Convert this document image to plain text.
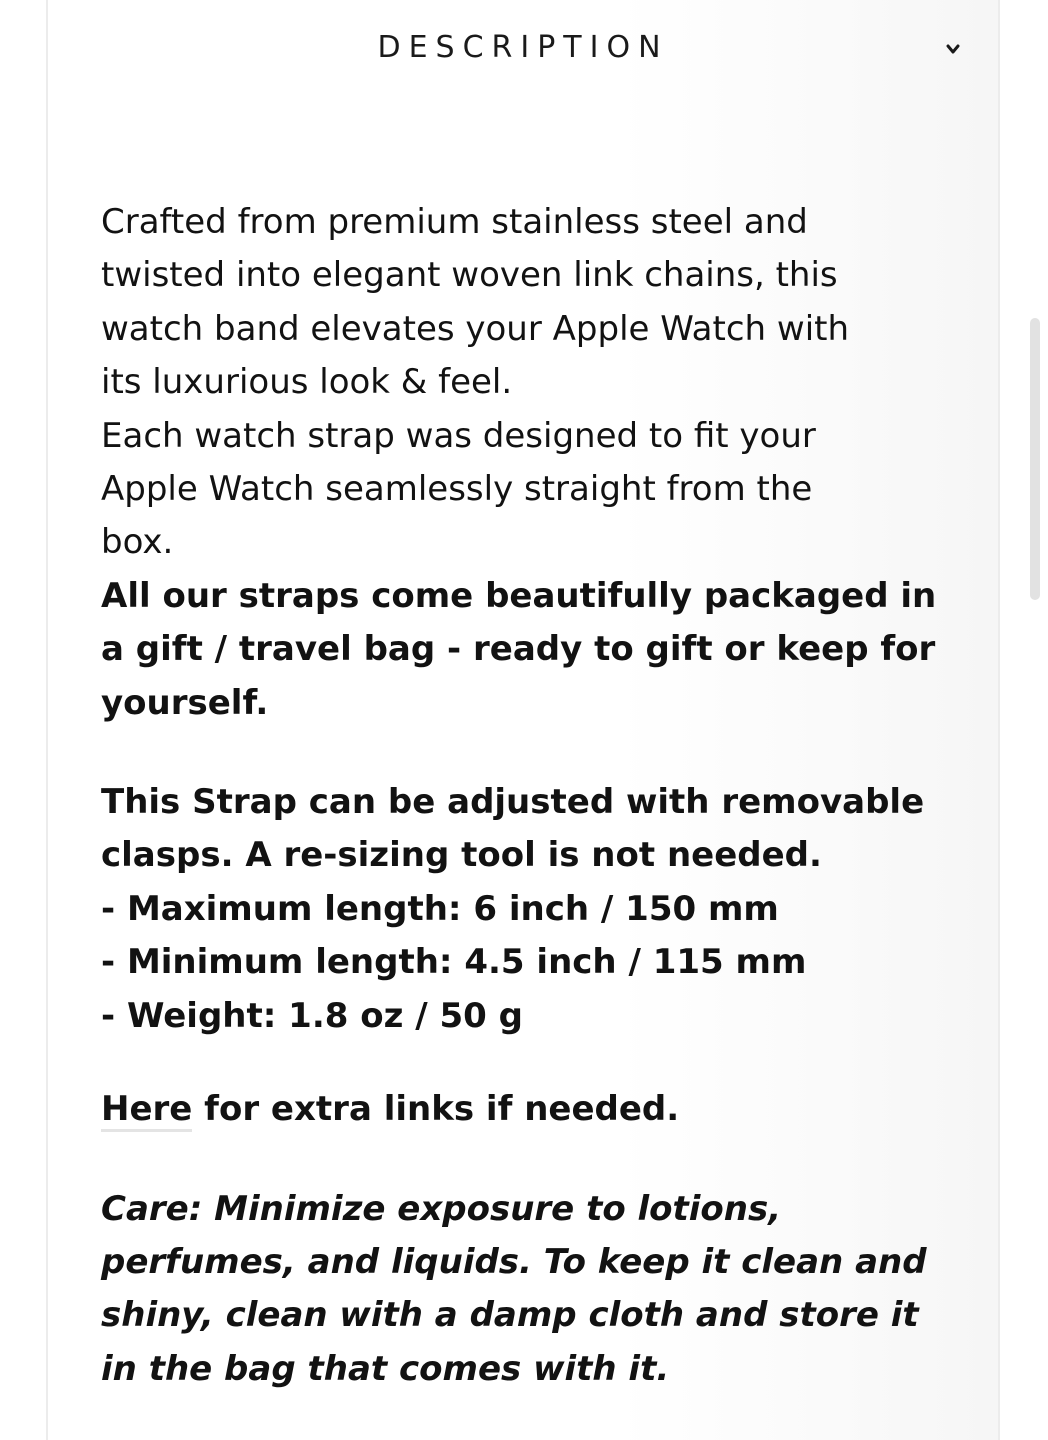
DESCRIPTION

Crafted from premium stainless steel and
twisted into elegant woven link chains, this
watch band elevates your Apple Watch with
its luxurious look & feel.
Each watch strap was designed to fit your
Apple Watch seamlessly straight from the
box.

All our straps come beautifully packaged in
a gift / travel bag - ready to gift or keep for
yourself.

This Strap can be adjusted with removable
clasps. A re-sizing tool is not needed.
- Maximum length: 6 inch / 150 mm
- Minimum length: 4.5 inch / 115 mm
- Weight: 1.8 oz / 50 g

Here for extra links if needed.

Care: Minimize exposure to lotions,
perfumes, and liquids. To keep it clean and
shiny, clean with a damp cloth and store it
in the bag that comes with it.
